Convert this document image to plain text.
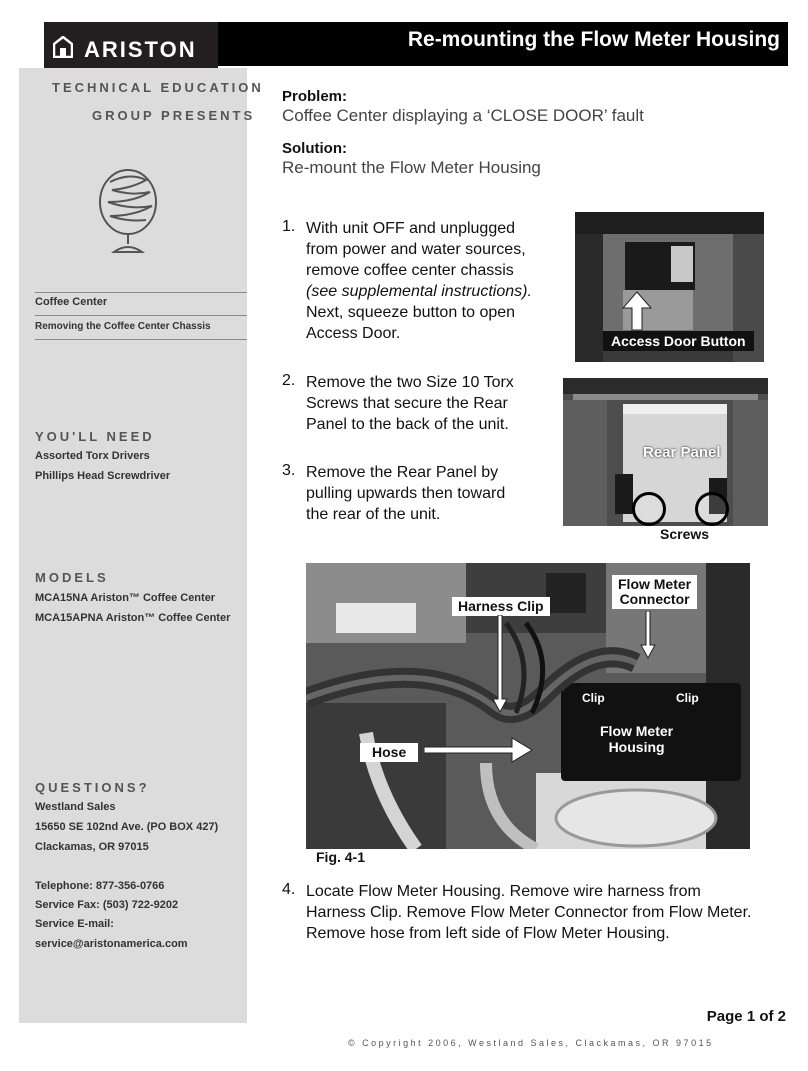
ARISTON	Re-mounting the Flow Meter Housing
TECHNICAL EDUCATION
GROUP PRESENTS
Coffee Center
Removing the Coffee Center Chassis
YOU'LL NEED
Assorted Torx Drivers
Phillips Head Screwdriver
MODELS
MCA15NA Ariston™ Coffee Center
MCA15APNA Ariston™ Coffee Center
QUESTIONS?
Westland Sales
15650 SE 102nd Ave. (PO BOX 427)
Clackamas, OR 97015
Telephone: 877-356-0766
Service Fax: (503) 722-9202
Service E-mail:
service@aristonamerica.com
Problem:
Coffee Center displaying a ‘CLOSE DOOR’ fault
Solution:
Re-mount the Flow Meter Housing
1. With unit OFF and unplugged
from power and water sources,
remove coffee center chassis
(see supplemental instructions).
Next, squeeze button to open
Access Door.
2. Remove the two Size 10 Torx
Screws that secure the Rear
Panel to the back of the unit.
3. Remove the Rear Panel by
pulling upwards then toward
the rear of the unit.
4. Locate Flow Meter Housing. Remove wire harness from
Harness Clip. Remove Flow Meter Connector from Flow Meter.
Remove hose from left side of Flow Meter Housing.
Access Door Button
Rear Panel
Screws
Harness Clip
Flow Meter
Connector
Clip	Clip
Flow Meter
Housing
Hose
Fig. 4-1
Page 1 of 2
© Copyright 2006, Westland Sales, Clackamas, OR 97015
